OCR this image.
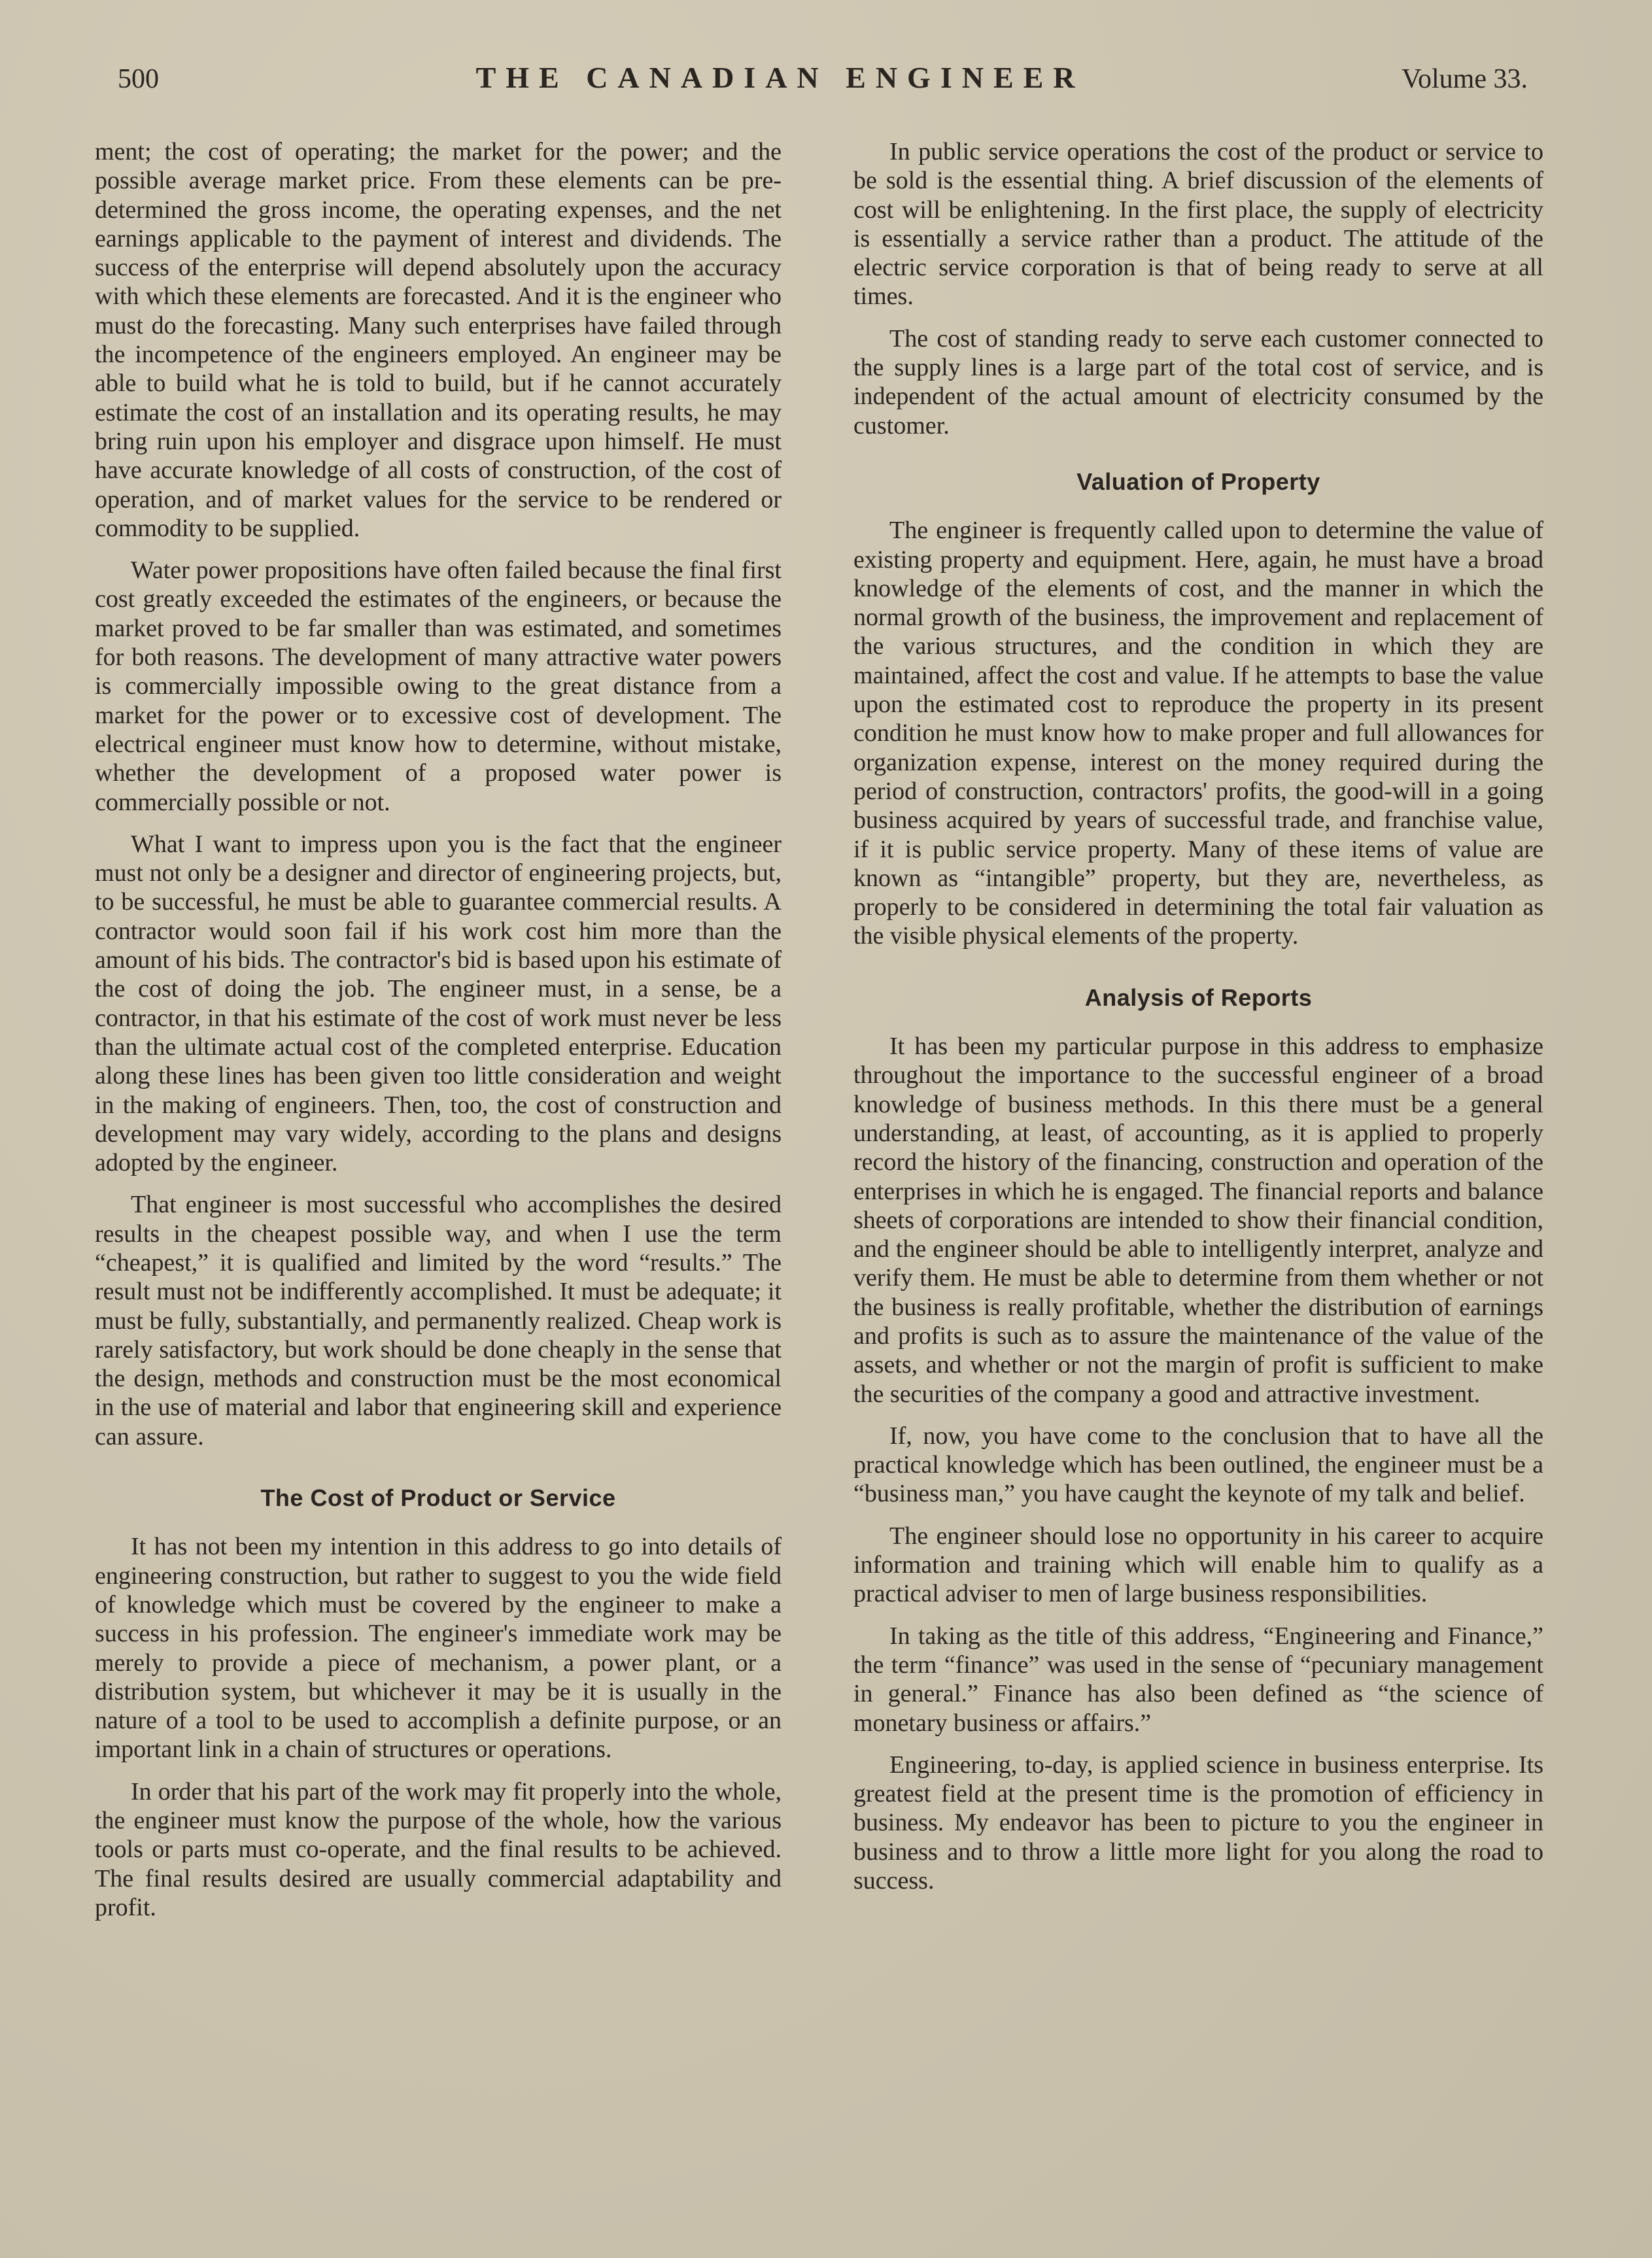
500	THE CANADIAN ENGINEER	Volume 33.

ment; the cost of operating; the market for the power; and the possible average market price. From these elements can be pre-determined the gross income, the operating expenses, and the net earnings applicable to the payment of interest and dividends. The success of the enterprise will depend absolutely upon the accuracy with which these elements are forecasted. And it is the engineer who must do the forecasting. Many such enterprises have failed through the incompetence of the engineers employed. An engineer may be able to build what he is told to build, but if he cannot accurately estimate the cost of an installation and its operating results, he may bring ruin upon his employer and disgrace upon himself. He must have accurate knowledge of all costs of construction, of the cost of operation, and of market values for the service to be rendered or commodity to be supplied.

Water power propositions have often failed because the final first cost greatly exceeded the estimates of the engineers, or because the market proved to be far smaller than was estimated, and sometimes for both reasons. The development of many attractive water powers is commercially impossible owing to the great distance from a market for the power or to excessive cost of development. The electrical engineer must know how to determine, without mistake, whether the development of a proposed water power is commercially possible or not.

What I want to impress upon you is the fact that the engineer must not only be a designer and director of engineering projects, but, to be successful, he must be able to guarantee commercial results. A contractor would soon fail if his work cost him more than the amount of his bids. The contractor's bid is based upon his estimate of the cost of doing the job. The engineer must, in a sense, be a contractor, in that his estimate of the cost of work must never be less than the ultimate actual cost of the completed enterprise. Education along these lines has been given too little consideration and weight in the making of engineers. Then, too, the cost of construction and development may vary widely, according to the plans and designs adopted by the engineer.

That engineer is most successful who accomplishes the desired results in the cheapest possible way, and when I use the term “cheapest,” it is qualified and limited by the word “results.” The result must not be indifferently accomplished. It must be adequate; it must be fully, substantially, and permanently realized. Cheap work is rarely satisfactory, but work should be done cheaply in the sense that the design, methods and construction must be the most economical in the use of material and labor that engineering skill and experience can assure.

The Cost of Product or Service

It has not been my intention in this address to go into details of engineering construction, but rather to suggest to you the wide field of knowledge which must be covered by the engineer to make a success in his profession. The engineer's immediate work may be merely to provide a piece of mechanism, a power plant, or a distribution system, but whichever it may be it is usually in the nature of a tool to be used to accomplish a definite purpose, or an important link in a chain of structures or operations.

In order that his part of the work may fit properly into the whole, the engineer must know the purpose of the whole, how the various tools or parts must co-operate, and the final results to be achieved. The final results desired are usually commercial adaptability and profit.

In public service operations the cost of the product or service to be sold is the essential thing. A brief discussion of the elements of cost will be enlightening. In the first place, the supply of electricity is essentially a service rather than a product. The attitude of the electric service corporation is that of being ready to serve at all times.

The cost of standing ready to serve each customer connected to the supply lines is a large part of the total cost of service, and is independent of the actual amount of electricity consumed by the customer.

Valuation of Property

The engineer is frequently called upon to determine the value of existing property and equipment. Here, again, he must have a broad knowledge of the elements of cost, and the manner in which the normal growth of the business, the improvement and replacement of the various structures, and the condition in which they are maintained, affect the cost and value. If he attempts to base the value upon the estimated cost to reproduce the property in its present condition he must know how to make proper and full allowances for organization expense, interest on the money required during the period of construction, contractors' profits, the good-will in a going business acquired by years of successful trade, and franchise value, if it is public service property. Many of these items of value are known as “intangible” property, but they are, nevertheless, as properly to be considered in determining the total fair valuation as the visible physical elements of the property.

Analysis of Reports

It has been my particular purpose in this address to emphasize throughout the importance to the successful engineer of a broad knowledge of business methods. In this there must be a general understanding, at least, of accounting, as it is applied to properly record the history of the financing, construction and operation of the enterprises in which he is engaged. The financial reports and balance sheets of corporations are intended to show their financial condition, and the engineer should be able to intelligently interpret, analyze and verify them. He must be able to determine from them whether or not the business is really profitable, whether the distribution of earnings and profits is such as to assure the maintenance of the value of the assets, and whether or not the margin of profit is sufficient to make the securities of the company a good and attractive investment.

If, now, you have come to the conclusion that to have all the practical knowledge which has been outlined, the engineer must be a “business man,” you have caught the keynote of my talk and belief.

The engineer should lose no opportunity in his career to acquire information and training which will enable him to qualify as a practical adviser to men of large business responsibilities.

In taking as the title of this address, “Engineering and Finance,” the term “finance” was used in the sense of “pecuniary management in general.” Finance has also been defined as “the science of monetary business or affairs.”

Engineering, to-day, is applied science in business enterprise. Its greatest field at the present time is the promotion of efficiency in business. My endeavor has been to picture to you the engineer in business and to throw a little more light for you along the road to success.
